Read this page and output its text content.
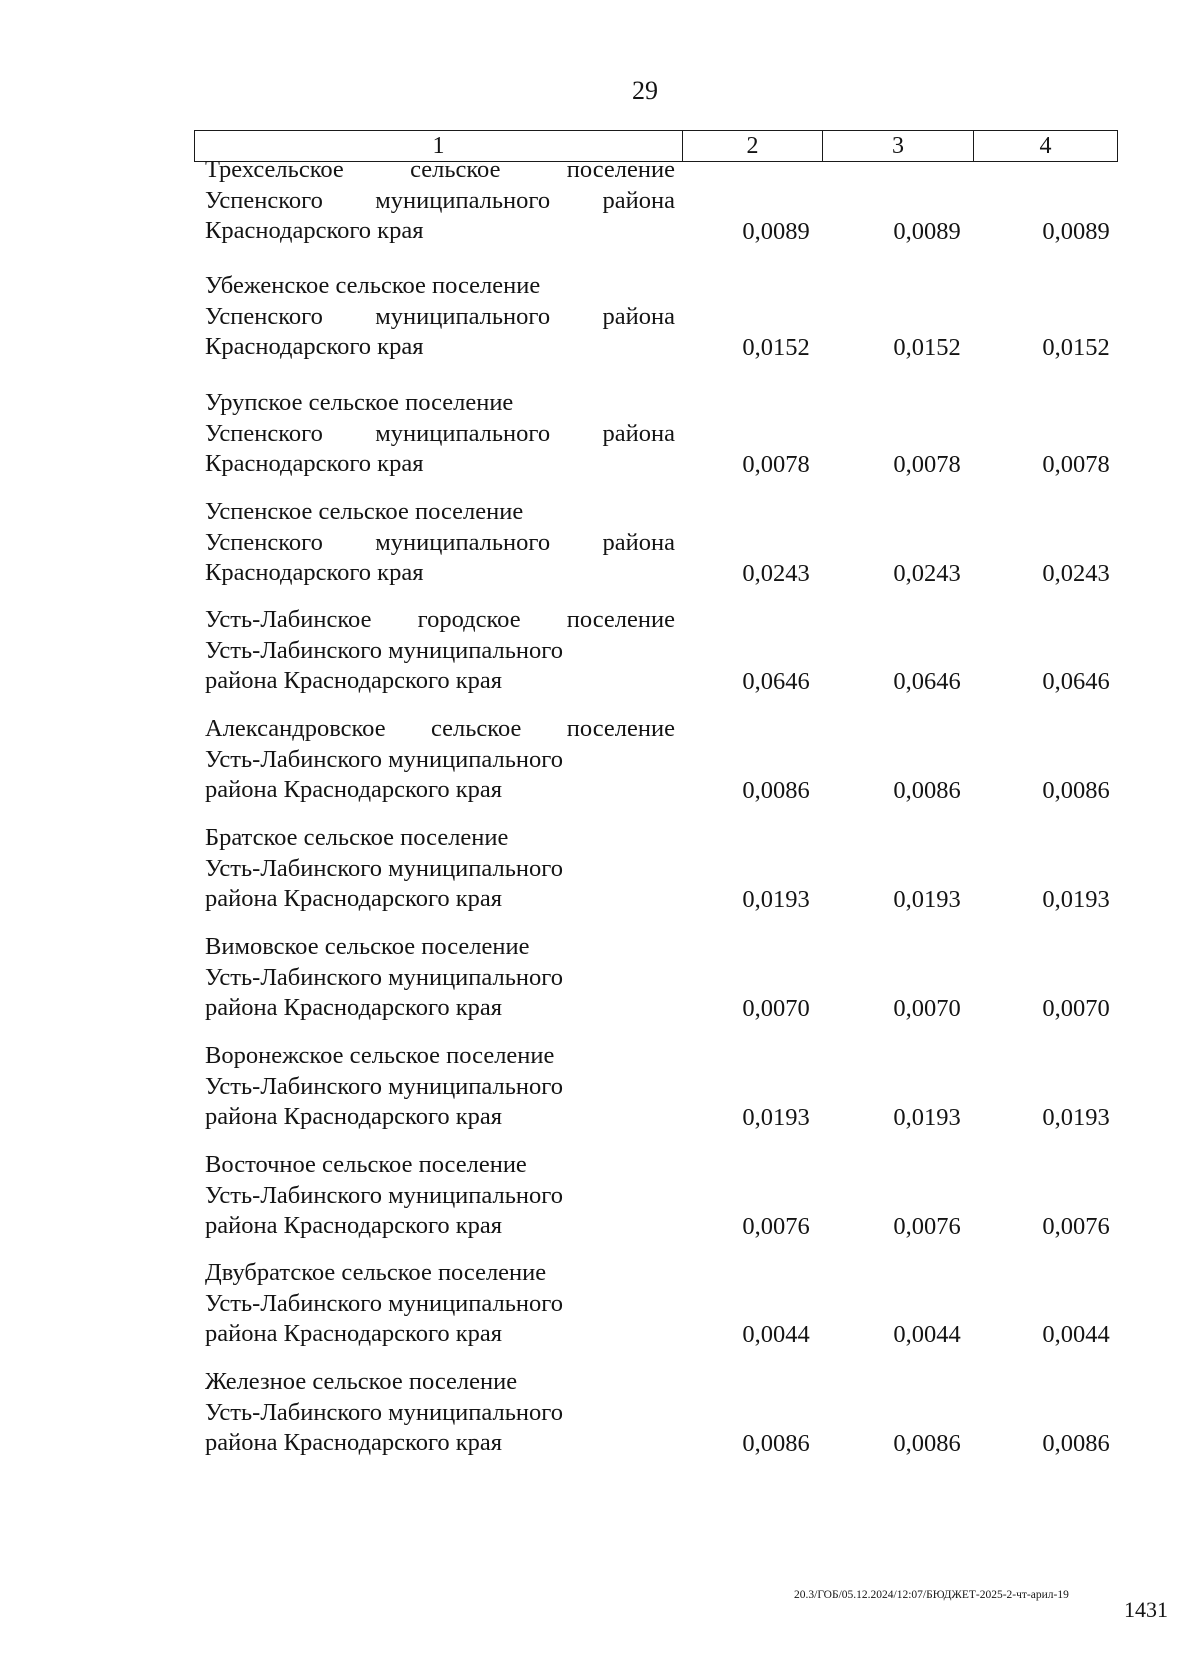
29
1	2	3	4
Трехсельское сельское поселение
Успенского муниципального района
Краснодарского края	0,0089	0,0089	0,0089
Убеженское сельское поселение
Успенского муниципального района
Краснодарского края	0,0152	0,0152	0,0152
Урупское сельское поселение
Успенского муниципального района
Краснодарского края	0,0078	0,0078	0,0078
Успенское сельское поселение
Успенского муниципального района
Краснодарского края	0,0243	0,0243	0,0243
Усть-Лабинское городское поселение
Усть-Лабинского муниципального
района Краснодарского края	0,0646	0,0646	0,0646
Александровское сельское поселение
Усть-Лабинского муниципального
района Краснодарского края	0,0086	0,0086	0,0086
Братское сельское поселение
Усть-Лабинского муниципального
района Краснодарского края	0,0193	0,0193	0,0193
Вимовское сельское поселение
Усть-Лабинского муниципального
района Краснодарского края	0,0070	0,0070	0,0070
Воронежское сельское поселение
Усть-Лабинского муниципального
района Краснодарского края	0,0193	0,0193	0,0193
Восточное сельское поселение
Усть-Лабинского муниципального
района Краснодарского края	0,0076	0,0076	0,0076
Двубратское сельское поселение
Усть-Лабинского муниципального
района Краснодарского края	0,0044	0,0044	0,0044
Железное сельское поселение
Усть-Лабинского муниципального
района Краснодарского края	0,0086	0,0086	0,0086
20.3/ГОБ/05.12.2024/12:07/БЮДЖЕТ-2025-2-чт-арил-19
1431
